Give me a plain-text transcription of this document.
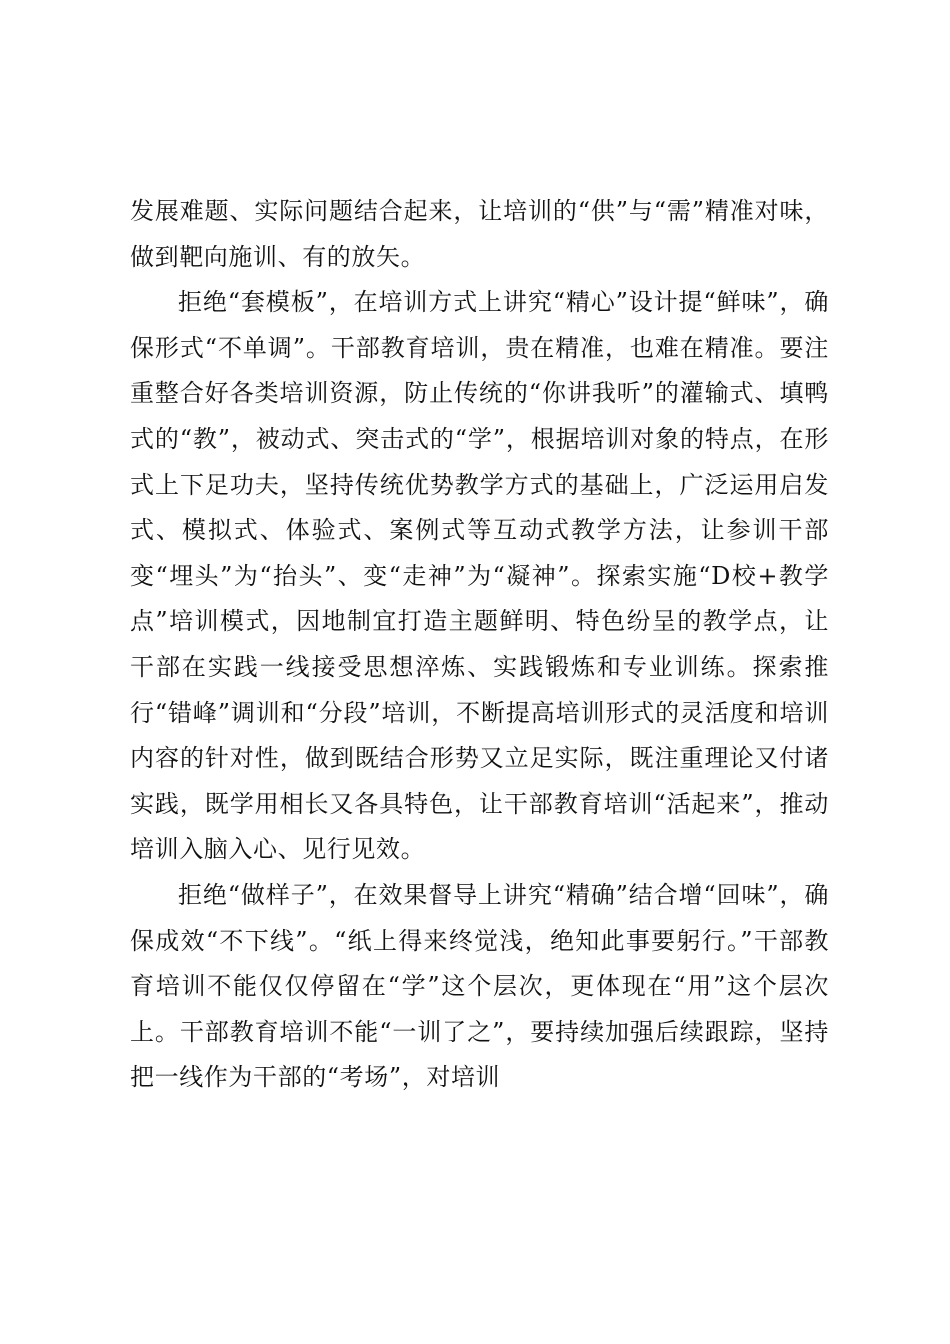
发展难题、实际问题结合起来，让培训的“供”与“需”精准对味，做到靶向施训、有的放矢。

拒绝“套模板”，在培训方式上讲究“精心”设计提“鲜味”，确保形式“不单调”。干部教育培训，贵在精准，也难在精准。要注重整合好各类培训资源，防止传统的“你讲我听”的灌输式、填鸭式的“教”，被动式、突击式的“学”，根据培训对象的特点，在形式上下足功夫，坚持传统优势教学方式的基础上，广泛运用启发式、模拟式、体验式、案例式等互动式教学方法，让参训干部变“埋头”为“抬头”、变“走神”为“凝神”。探索实施“D校+教学点”培训模式，因地制宜打造主题鲜明、特色纷呈的教学点，让干部在实践一线接受思想淬炼、实践锻炼和专业训练。探索推行“错峰”调训和“分段”培训，不断提高培训形式的灵活度和培训内容的针对性，做到既结合形势又立足实际，既注重理论又付诸实践，既学用相长又各具特色，让干部教育培训“活起来”，推动培训入脑入心、见行见效。

拒绝“做样子”，在效果督导上讲究“精确”结合增“回味”，确保成效“不下线”。“纸上得来终觉浅，绝知此事要躬行。”干部教育培训不能仅仅停留在“学”这个层次，更体现在“用”这个层次上。干部教育培训不能“一训了之”，要持续加强后续跟踪，坚持把一线作为干部的“考场”，对培训
